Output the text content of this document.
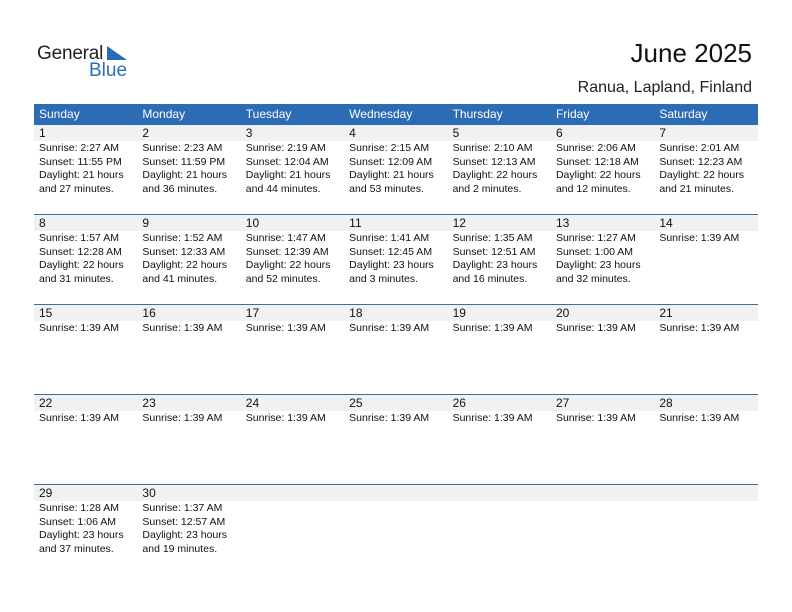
General
Blue
June 2025
Ranua, Lapland, Finland
Sunday	Monday	Tuesday	Wednesday	Thursday	Friday	Saturday
1	2	3	4	5	6	7
Sunrise: 2:27 AM
Sunset: 11:55 PM
Daylight: 21 hours
and 27 minutes.
Sunrise: 2:23 AM
Sunset: 11:59 PM
Daylight: 21 hours
and 36 minutes.
Sunrise: 2:19 AM
Sunset: 12:04 AM
Daylight: 21 hours
and 44 minutes.
Sunrise: 2:15 AM
Sunset: 12:09 AM
Daylight: 21 hours
and 53 minutes.
Sunrise: 2:10 AM
Sunset: 12:13 AM
Daylight: 22 hours
and 2 minutes.
Sunrise: 2:06 AM
Sunset: 12:18 AM
Daylight: 22 hours
and 12 minutes.
Sunrise: 2:01 AM
Sunset: 12:23 AM
Daylight: 22 hours
and 21 minutes.
8	9	10	11	12	13	14
Sunrise: 1:57 AM
Sunset: 12:28 AM
Daylight: 22 hours
and 31 minutes.
Sunrise: 1:52 AM
Sunset: 12:33 AM
Daylight: 22 hours
and 41 minutes.
Sunrise: 1:47 AM
Sunset: 12:39 AM
Daylight: 22 hours
and 52 minutes.
Sunrise: 1:41 AM
Sunset: 12:45 AM
Daylight: 23 hours
and 3 minutes.
Sunrise: 1:35 AM
Sunset: 12:51 AM
Daylight: 23 hours
and 16 minutes.
Sunrise: 1:27 AM
Sunset: 1:00 AM
Daylight: 23 hours
and 32 minutes.
Sunrise: 1:39 AM
15	16	17	18	19	20	21
Sunrise: 1:39 AM	Sunrise: 1:39 AM	Sunrise: 1:39 AM	Sunrise: 1:39 AM	Sunrise: 1:39 AM	Sunrise: 1:39 AM	Sunrise: 1:39 AM
22	23	24	25	26	27	28
Sunrise: 1:39 AM	Sunrise: 1:39 AM	Sunrise: 1:39 AM	Sunrise: 1:39 AM	Sunrise: 1:39 AM	Sunrise: 1:39 AM	Sunrise: 1:39 AM
29	30
Sunrise: 1:28 AM
Sunset: 1:06 AM
Daylight: 23 hours
and 37 minutes.
Sunrise: 1:37 AM
Sunset: 12:57 AM
Daylight: 23 hours
and 19 minutes.
